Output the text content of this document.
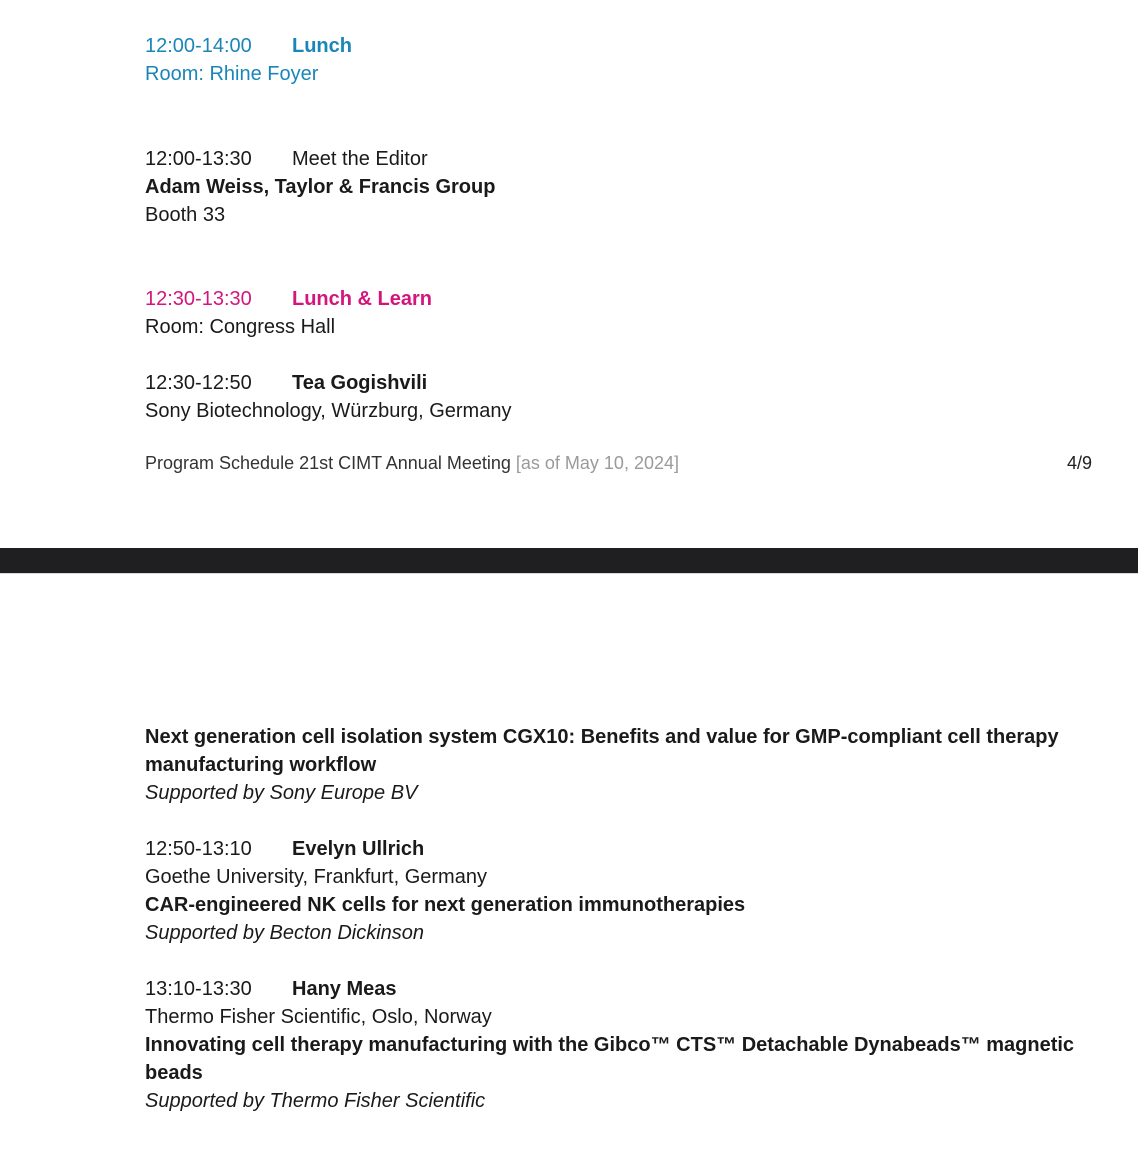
12:00-14:00 Lunch
Room: Rhine Foyer
12:00-13:30 Meet the Editor
Adam Weiss, Taylor & Francis Group
Booth 33
12:30-13:30 Lunch & Learn
Room: Congress Hall
12:30-12:50 Tea Gogishvili
Sony Biotechnology, Würzburg, Germany
Program Schedule 21st CIMT Annual Meeting [as of May 10, 2024]	4/9
Next generation cell isolation system CGX10: Benefits and value for GMP-compliant cell therapy manufacturing workflow
Supported by Sony Europe BV
12:50-13:10 Evelyn Ullrich
Goethe University, Frankfurt, Germany
CAR-engineered NK cells for next generation immunotherapies
Supported by Becton Dickinson
13:10-13:30 Hany Meas
Thermo Fisher Scientific, Oslo, Norway
Innovating cell therapy manufacturing with the Gibco™ CTS™ Detachable Dynabeads™ magnetic beads
Supported by Thermo Fisher Scientific
